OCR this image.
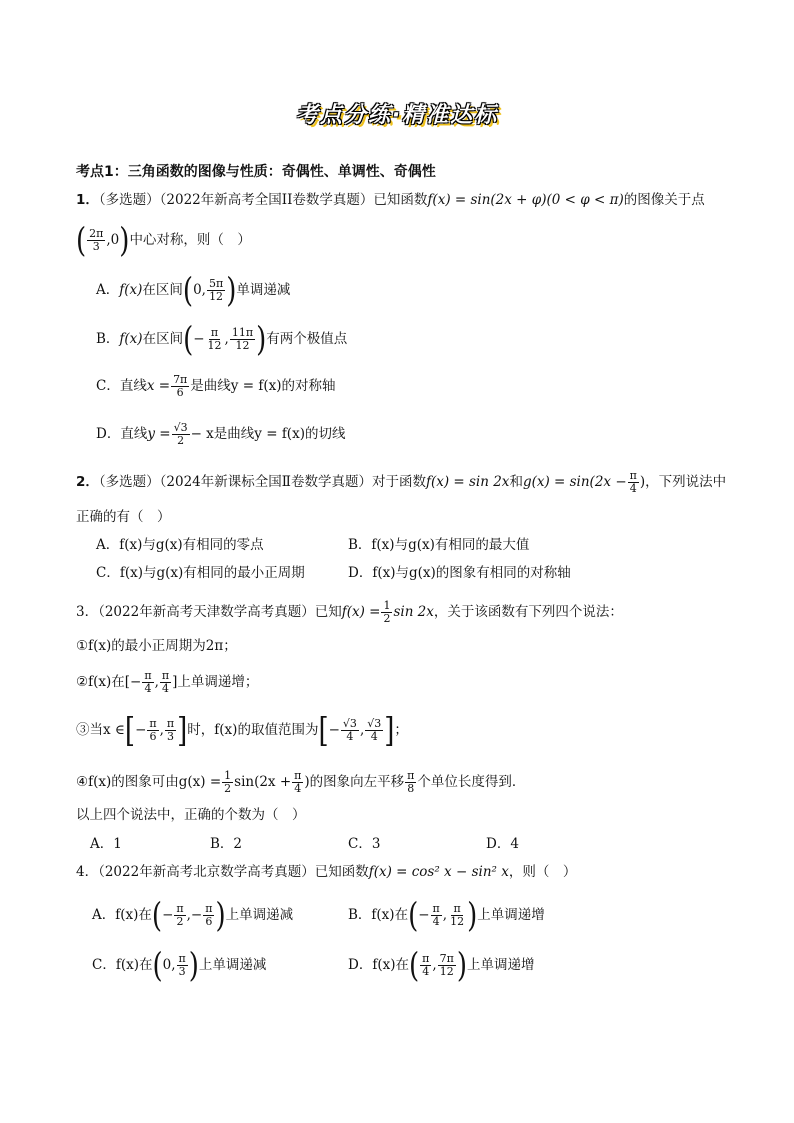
考点分练·精准达标
考点1：三角函数的图像与性质：奇偶性、单调性、奇偶性
1．（多选题）（2022年新高考全国II卷数学真题）已知函数f(x) = sin(2x + φ)(0 < φ < π)的图像关于点
( $\frac{2\pi}{3} ,0$)中心对称，则（　）
A．f(x)在区间(0, $\frac{5\pi}{12}$ )单调递减
B．f(x)在区间(− $\frac{\pi}{12}$ , $\frac{11\pi}{12}$ )有两个极值点
C．直线$x = \frac{7\pi}{6}$ 是曲线y = f(x)的对称轴
D．直线$y = \frac{√3}{2} - x$是曲线y = f(x)的切线
2．（多选题）（2024年新课标全国Ⅱ卷数学真题）对于函数f(x) = sin 2x和$g(x) = \sin(2x - \frac{\pi}{4}$ )，下列说法中
正确的有（　）
A．f(x)与g(x)有相同的零点	B．f(x)与g(x)有相同的最大值
C．f(x)与g(x)有相同的最小正周期	D．f(x)与g(x)的图象有相同的对称轴
3．（2022年新高考天津数学高考真题）已知$f(x) = \frac{1}{2}$ sin 2x，关于该函数有下列四个说法：
①f(x)的最小正周期为2π；
②f(x)在[− $\frac{\pi}{4}$ , $\frac{\pi}{4}$ ]上单调递增；
③当x ∈[− $\frac{\pi}{6}$ , $\frac{\pi}{3}$ ]时，f(x)的取值范围为[− $\frac{√3}{4}$ , $\frac{√3}{4}$ ]；
④f(x)的图象可由$g(x) = \frac{1}{2} \sin(2x + \frac{\pi}{4}$ )的图象向左平移 $\frac{\pi}{8}$ 个单位长度得到．
以上四个说法中，正确的个数为（　）
A．1	B．2	C．3	D．4
4．（2022年新高考北京数学高考真题）已知函数f(x) = cos² x − sin² x，则（　）
A．f(x)在(− $\frac{\pi}{2}$ ,− $\frac{\pi}{6}$ )上单调递减	B．f(x)在(− $\frac{\pi}{4}$ , $\frac{\pi}{12}$ )上单调递增
C．f(x)在(0, $\frac{\pi}{3}$ )上单调递减	D．f(x)在( $\frac{\pi}{4}$ , $\frac{7\pi}{12}$ )上单调递增
